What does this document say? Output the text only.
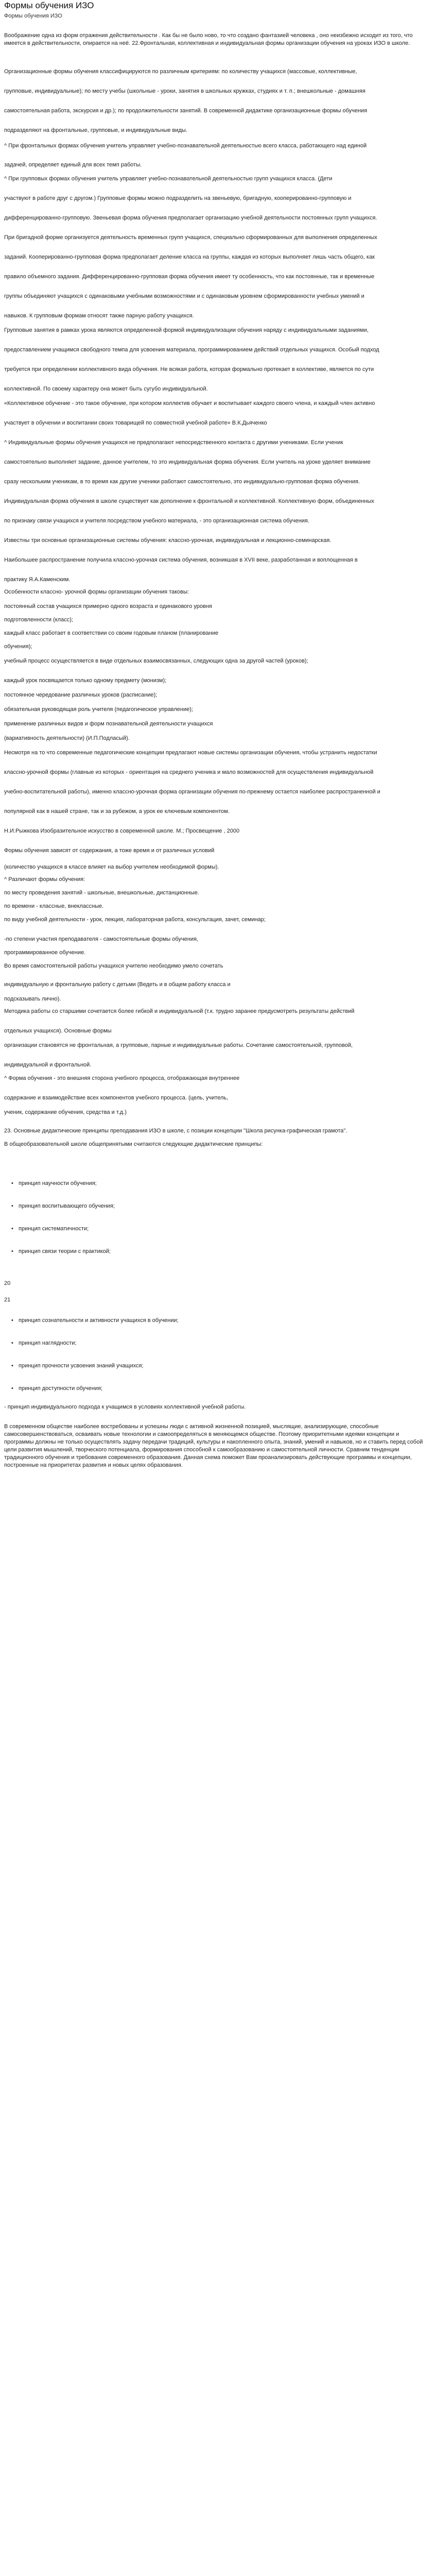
Формы обучения ИЗО
Формы обучения ИЗО

Воображение одна из форм отражения действительности . Как бы не было ново, то что создано фантазией человека , оно неизбежно исходит из того, что имеется в действительности, опирается на неё. 22.Фронтальная, коллективная и индивидуальная формы организации обучения на уроках ИЗО в школе.

Организационные формы обучения классифицируются по различным критериям: по количеству учащихся (массовые, коллективные,

групповые, индивидуальные); по месту учебы (школьные - уроки, занятия в школьных кружках, студиях и т. п.; внешкольные - домашняя

самостоятельная работа, экскурсия и др.); по продолжительности занятий. В современной дидактике организационные формы обучения

подразделяют на фронтальные, групповые, и индивидуальные виды.

^ При фронтальных формах обучения учитель управляет учебно-познавательной деятельностью всего класса, работающего над единой

задачей, определяет единый для всех темп работы.

^ При групповых формах обучения учитель управляет учебно-познавательной деятельностью групп учащихся класса. (Дети

участвуют в работе друг с другом.) Групповые формы можно подразделить на звеньевую, бригадную, кооперированно-групповую и

дифференцированно-групповую. Звеньевая форма обучения предполагает организацию учебной деятельности постоянных групп учащихся.

При бригадной форме организуется деятельность временных групп учащихся, специально сформированных для выполнения определенных

заданий. Кооперированно-групповая форма предполагает деление класса на группы, каждая из которых выполняет лишь часть общего, как

правило объемного задания. Дифференцированно-групповая форма обучения имеет ту особенность, что как постоянные, так и временные

группы объединяют учащихся с одинаковыми учебными возможностями и с одинаковым уровнем сформированности учебных умений и

навыков. К групповым формам относят также парную работу учащихся.

Групповые занятия в рамках урока являются определенной формой индивидуализации обучения наряду с индивидуальными заданиями,

предоставлением учащимся свободного темпа для усвоения материала, программированием действий отдельных учащихся. Особый подход

требуется при определении коллективного вида обучения. Не всякая работа, которая формально протекает в коллективе, является по сути

коллективной. По своему характеру она может быть сугубо индивидуальной.

«Коллективное обучение - это такое обучение, при котором коллектив обучает и воспитывает каждого своего члена, и каждый член активно

участвует в обучении и воспитании своих товарищей по совместной учебной работе» В.К.Дьяченко

^ Индивидуальные формы обучения учащихся не предполагают непосредственного контакта с другими учениками. Если ученик

самостоятельно выполняет задание, данное учителем, то это индивидуальная форма обучения. Если учитель на уроке уделяет внимание

сразу нескольким ученикам, в то время как другие ученики работают самостоятельно, это индивидуально-групповая форма обучения.

Индивидуальная форма обучения в школе существует как дополнение к фронтальной и коллективной. Коллективную форм, объединенных

по признаку связи учащихся и учителя посредством учебного материала, - это организационная система обучения.

Известны три основные организационные системы обучения: классно-урочная, индивидуальная и лекционно-семинарская.

Наибольшее распространение получила классно-урочная система обучения, возникшая в XVII веке, разработанная и воплощенная в

практику Я.А.Каменским.

Особенности классно- урочной формы организации обучения таковы:

постоянный состав учащихся примерно одного возраста и одинакового уровня

подготовленности (класс);

каждый класс работает в соответствии со своим годовым планом (планирование

обучения);

учебный процесс осуществляется в виде отдельных взаимосвязанных, следующих одна за другой частей (уроков);

каждый урок посвящается только одному предмету (монизм);

постоянное чередование различных уроков (расписание);

обязательная руководящая роль учителя (педагогическое управление);

применение различных видов и форм познавательной деятельности учащихся

(вариативность деятельности) (И.П.Подласый).

Несмотря на то что современные педагогические концепции предлагают новые системы организации обучения, чтобы устранить недостатки

классно-урочной формы (главные из которых - ориентация на среднего ученика и мало возможностей для осуществления индивидуальной

учебно-воспитательной работы), именно классно-урочная форма организации обучения по-прежнему остается наиболее распространенной и

популярной как в нашей стране, так и за рубежом, а урок ее ключевым компонентом.

Н.И.Рыжкова Изобразительное искусство в современной школе. М.; Просвещение , 2000

Формы обучения зависят от содержания, а тоже время и от различных условий

(количество учащихся в классе влияет на выбор учителем необходимой формы).

^ Различают формы обучения:

по месту проведения занятий - школьные, внешкольные, дистанционные.

по времени - классные, внеклассные.

по виду учебной деятельности - урок, лекция, лабораторная работа, консультация, зачет, семинар;

-по степени участия преподавателя - самостоятельные формы обучения,

программированное обучение.

Во время самостоятельной работы учащихся учителю необходимо умело сочетать

индивидуальную и фронтальную работу с детьми (Ведеть и в общем работу класса и

подсказывать лично).

Методика работы со старшими сочетается более гибкой и индивидуальной (т.к. трудно заранее предусмотреть результаты действий

отдельных учащихся). Основные формы

организации становятся не фронтальная, а групповые, парные и индивидуальные работы. Сочетание самостоятельной, групповой,

индивидуальной и фронтальной.

^ Форма обучения - это внешняя сторона учебного процесса, отображающая внутреннее

содержание и взаимодействие всех компонентов учебного процесса. (цель, учитель,

ученик, содержание обучения, средства и т.д.)

23. Основные дидактические принципы преподавания ИЗО в школе, с позиции концепции "Школа рисунка-графическая грамота".

В общеобразовательной школе общепринятыми считаются следующие дидактические принципы:

• принцип научности обучения;
• принцип воспитывающего обучения;
• принцип систематичности;
• принцип связи теории с практикой;
20
21
• принцип сознательности и активности учащихся в обучении;
• принцип наглядности;
• принцип прочности усвоения знаний учащихся;
• принцип доступности обучения;

- принцип индивидуального подхода к учащимся в условиях коллективной учебной работы.

В современном обществе наиболее востребованы и успешны люди с активной жизненной позицией, мыслящие, анализирующие, способные самосовершенствоваться, осваивать новые технологии и самоопределяться в меняющемся обществе. Поэтому приоритетными идеями концепции и программы должны не только осуществлять задачу передачи традиций, культуры и накопленного опыта, знаний, умений и навыков, но и ставить перед собой цели развития мышлений, творческого потенциала, формирования способной к самообразованию и самостоятельной личности. Сравним тенденции традиционного обучения и требования современного образования. Данная схема поможет Вам проанализировать действующие программы и концепции, построенные на приоритетах развития и новых целях образования.
